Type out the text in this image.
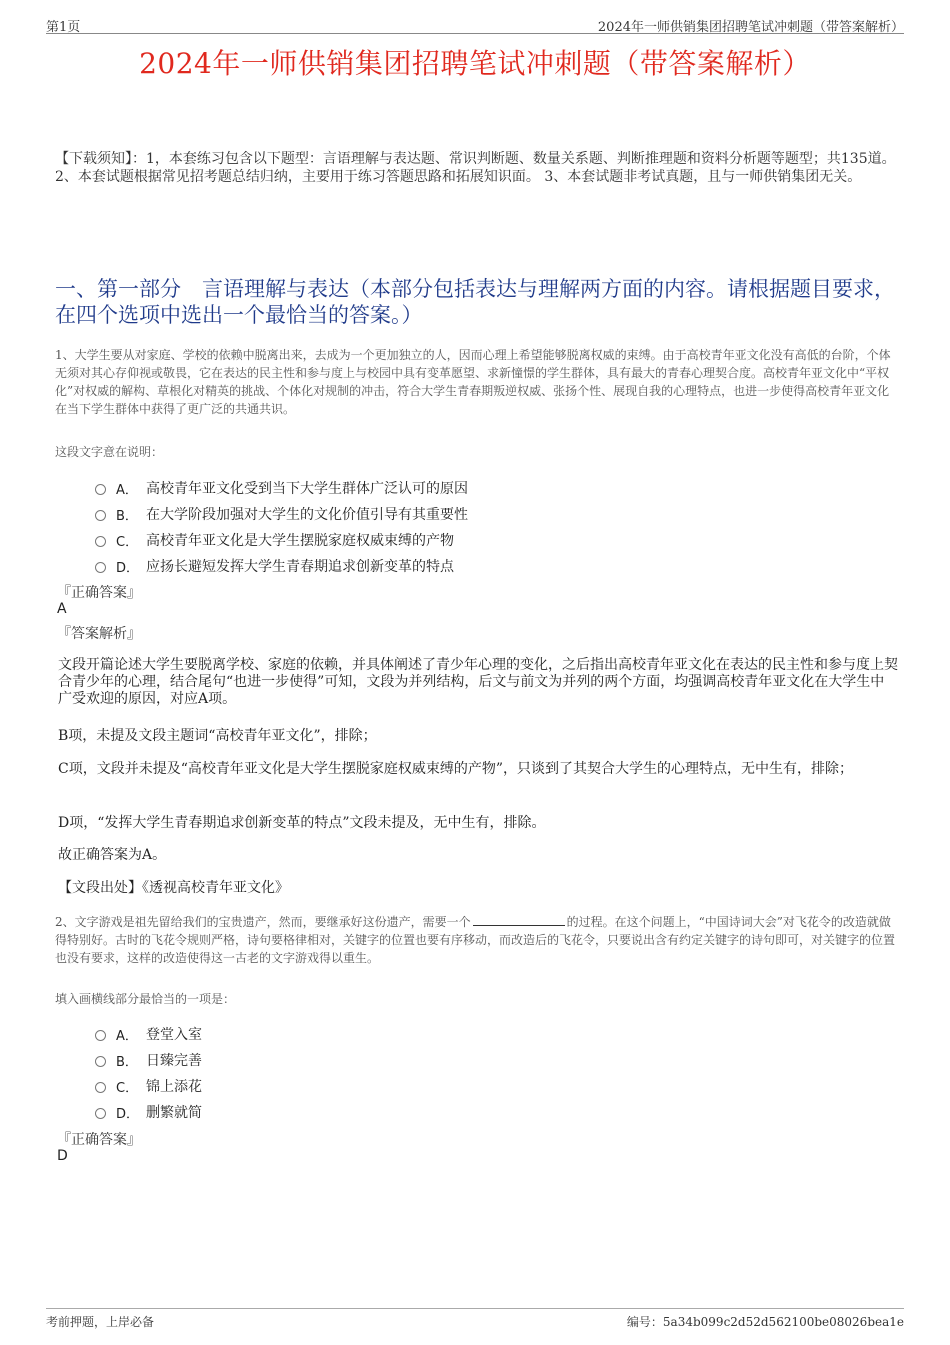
第1页	2024年一师供销集团招聘笔试冲刺题（带答案解析）
2024年一师供销集团招聘笔试冲刺题（带答案解析）
【下载须知】：1，本套练习包含以下题型：言语理解与表达题、常识判断题、数量关系题、判断推理题和资料分析题等题型；共135道。 2、本套试题根据常见招考题总结归纳，主要用于练习答题思路和拓展知识面。 3、本套试题非考试真题，且与一师供销集团无关。
一、第一部分　言语理解与表达（本部分包括表达与理解两方面的内容。请根据题目要求，在四个选项中选出一个最恰当的答案。）
1、大学生要从对家庭、学校的依赖中脱离出来，去成为一个更加独立的人，因而心理上希望能够脱离权威的束缚。由于高校青年亚文化没有高低的台阶，个体无须对其心存仰视或敬畏，它在表达的民主性和参与度上与校园中具有变革愿望、求新憧憬的学生群体，具有最大的青春心理契合度。高校青年亚文化中“平权化”对权威的解构、草根化对精英的挑战、个体化对规制的冲击，符合大学生青春期叛逆权威、张扬个性、展现自我的心理特点，也进一步使得高校青年亚文化在当下学生群体中获得了更广泛的共通共识。
这段文字意在说明：
A． 高校青年亚文化受到当下大学生群体广泛认可的原因
B． 在大学阶段加强对大学生的文化价值引导有其重要性
C． 高校青年亚文化是大学生摆脱家庭权威束缚的产物
D． 应扬长避短发挥大学生青春期追求创新变革的特点
『正确答案』
A
『答案解析』
文段开篇论述大学生要脱离学校、家庭的依赖，并具体阐述了青少年心理的变化，之后指出高校青年亚文化在表达的民主性和参与度上契合青少年的心理，结合尾句“也进一步使得”可知，文段为并列结构，后文与前文为并列的两个方面，均强调高校青年亚文化在大学生中广受欢迎的原因，对应A项。
B项，未提及文段主题词“高校青年亚文化”，排除；
C项，文段并未提及“高校青年亚文化是大学生摆脱家庭权威束缚的产物”，只谈到了其契合大学生的心理特点，无中生有，排除；
D项，“发挥大学生青春期追求创新变革的特点”文段未提及，无中生有，排除。
故正确答案为A。
【文段出处】《透视高校青年亚文化》
2、文字游戏是祖先留给我们的宝贵遗产，然而，要继承好这份遗产，需要一个	的过程。在这个问题上，“中国诗词大会”对飞花令的改造就做得特别好。古时的飞花令规则严格，诗句要格律相对，关键字的位置也要有序移动，而改造后的飞花令，只要说出含有约定关键字的诗句即可，对关键字的位置也没有要求，这样的改造使得这一古老的文字游戏得以重生。
填入画横线部分最恰当的一项是：
A． 登堂入室
B． 日臻完善
C． 锦上添花
D． 删繁就简
『正确答案』
D
考前押题，上岸必备	编号：5a34b099c2d52d562100be08026bea1e
